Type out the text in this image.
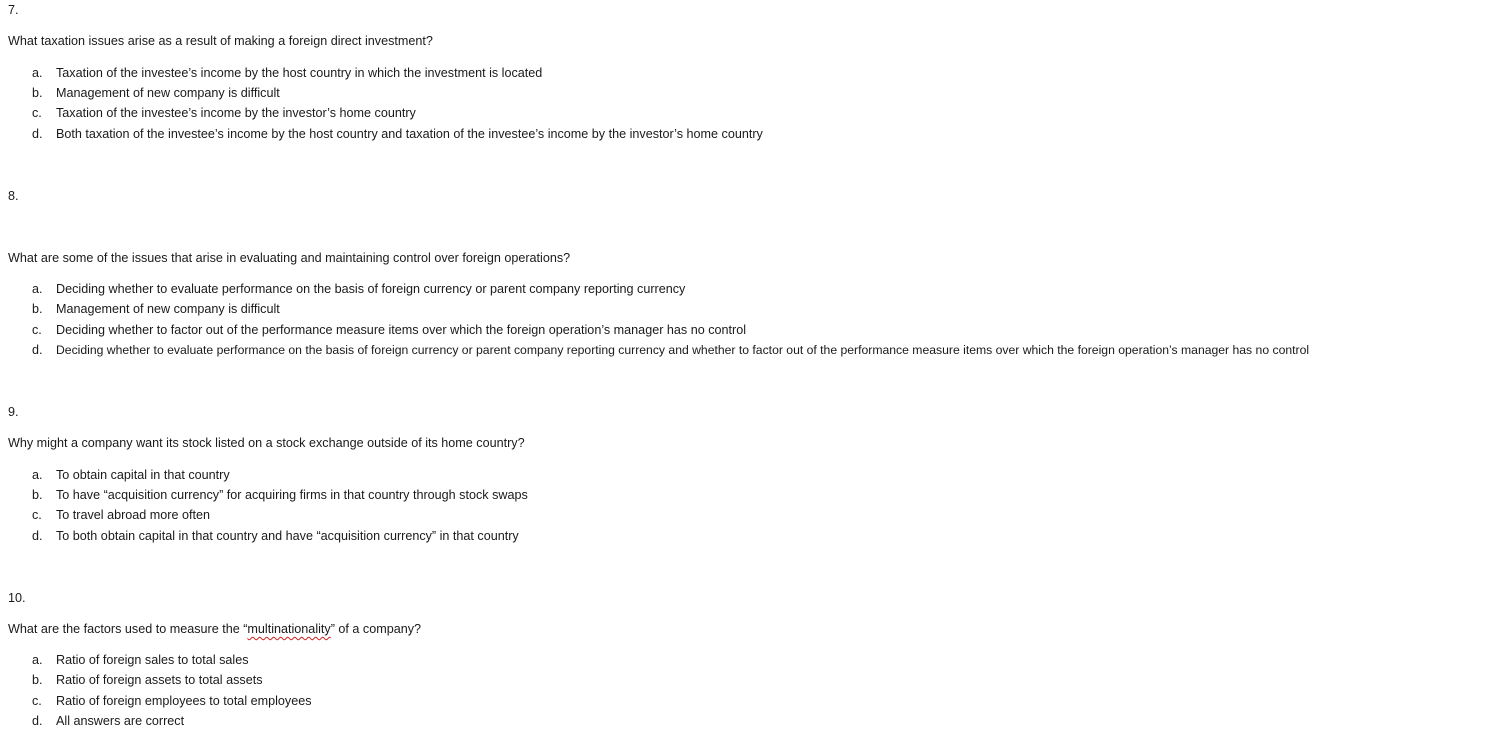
7.
What taxation issues arise as a result of making a foreign direct investment?
a. Taxation of the investee’s income by the host country in which the investment is located
b. Management of new company is difficult
c. Taxation of the investee’s income by the investor’s home country
d. Both taxation of the investee’s income by the host country and taxation of the investee’s income by the investor’s home country
8.
What are some of the issues that arise in evaluating and maintaining control over foreign operations?
a. Deciding whether to evaluate performance on the basis of foreign currency or parent company reporting currency
b. Management of new company is difficult
c. Deciding whether to factor out of the performance measure items over which the foreign operation’s manager has no control
d. Deciding whether to evaluate performance on the basis of foreign currency or parent company reporting currency and whether to factor out of the performance measure items over which the foreign operation’s manager has no control
9.
Why might a company want its stock listed on a stock exchange outside of its home country?
a. To obtain capital in that country
b. To have “acquisition currency” for acquiring firms in that country through stock swaps
c. To travel abroad more often
d. To both obtain capital in that country and have “acquisition currency” in that country
10.
What are the factors used to measure the “multinationality” of a company?
a. Ratio of foreign sales to total sales
b. Ratio of foreign assets to total assets
c. Ratio of foreign employees to total employees
d. All answers are correct
